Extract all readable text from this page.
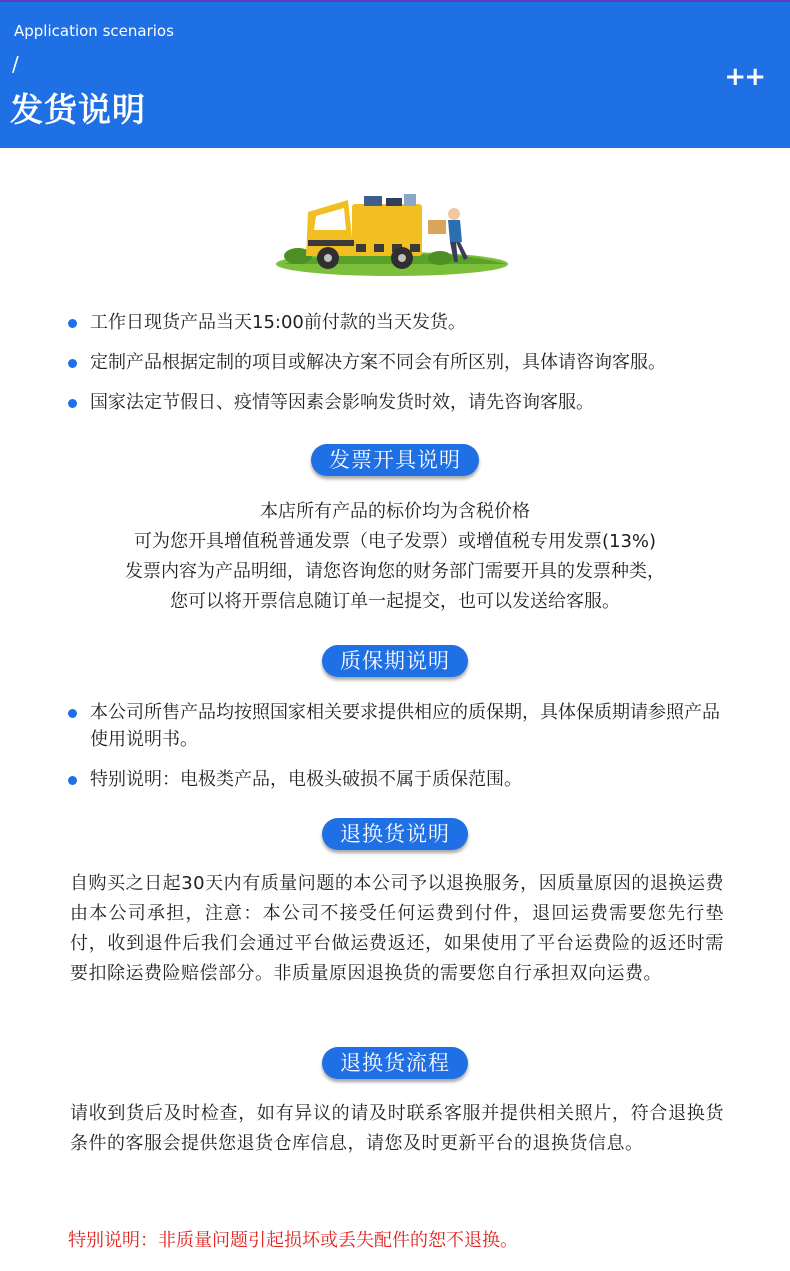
Application scenarios
/
发货说明
++
工作日现货产品当天15:00前付款的当天发货。
定制产品根据定制的项目或解决方案不同会有所区别，具体请咨询客服。
国家法定节假日、疫情等因素会影响发货时效，请先咨询客服。
发票开具说明
本店所有产品的标价均为含税价格
可为您开具增值税普通发票（电子发票）或增值税专用发票(13%)
发票内容为产品明细，请您咨询您的财务部门需要开具的发票种类，
您可以将开票信息随订单一起提交，也可以发送给客服。
质保期说明
本公司所售产品均按照国家相关要求提供相应的质保期，具体保质期请参照产品使用说明书。
特别说明：电极类产品，电极头破损不属于质保范围。
退换货说明
自购买之日起30天内有质量问题的本公司予以退换服务，因质量原因的退换运费由本公司承担，注意：本公司不接受任何运费到付件，退回运费需要您先行垫付，收到退件后我们会通过平台做运费返还，如果使用了平台运费险的返还时需要扣除运费险赔偿部分。非质量原因退换货的需要您自行承担双向运费。
退换货流程
请收到货后及时检查，如有异议的请及时联系客服并提供相关照片，符合退换货条件的客服会提供您退货仓库信息，请您及时更新平台的退换货信息。
特别说明：非质量问题引起损坏或丢失配件的恕不退换。
